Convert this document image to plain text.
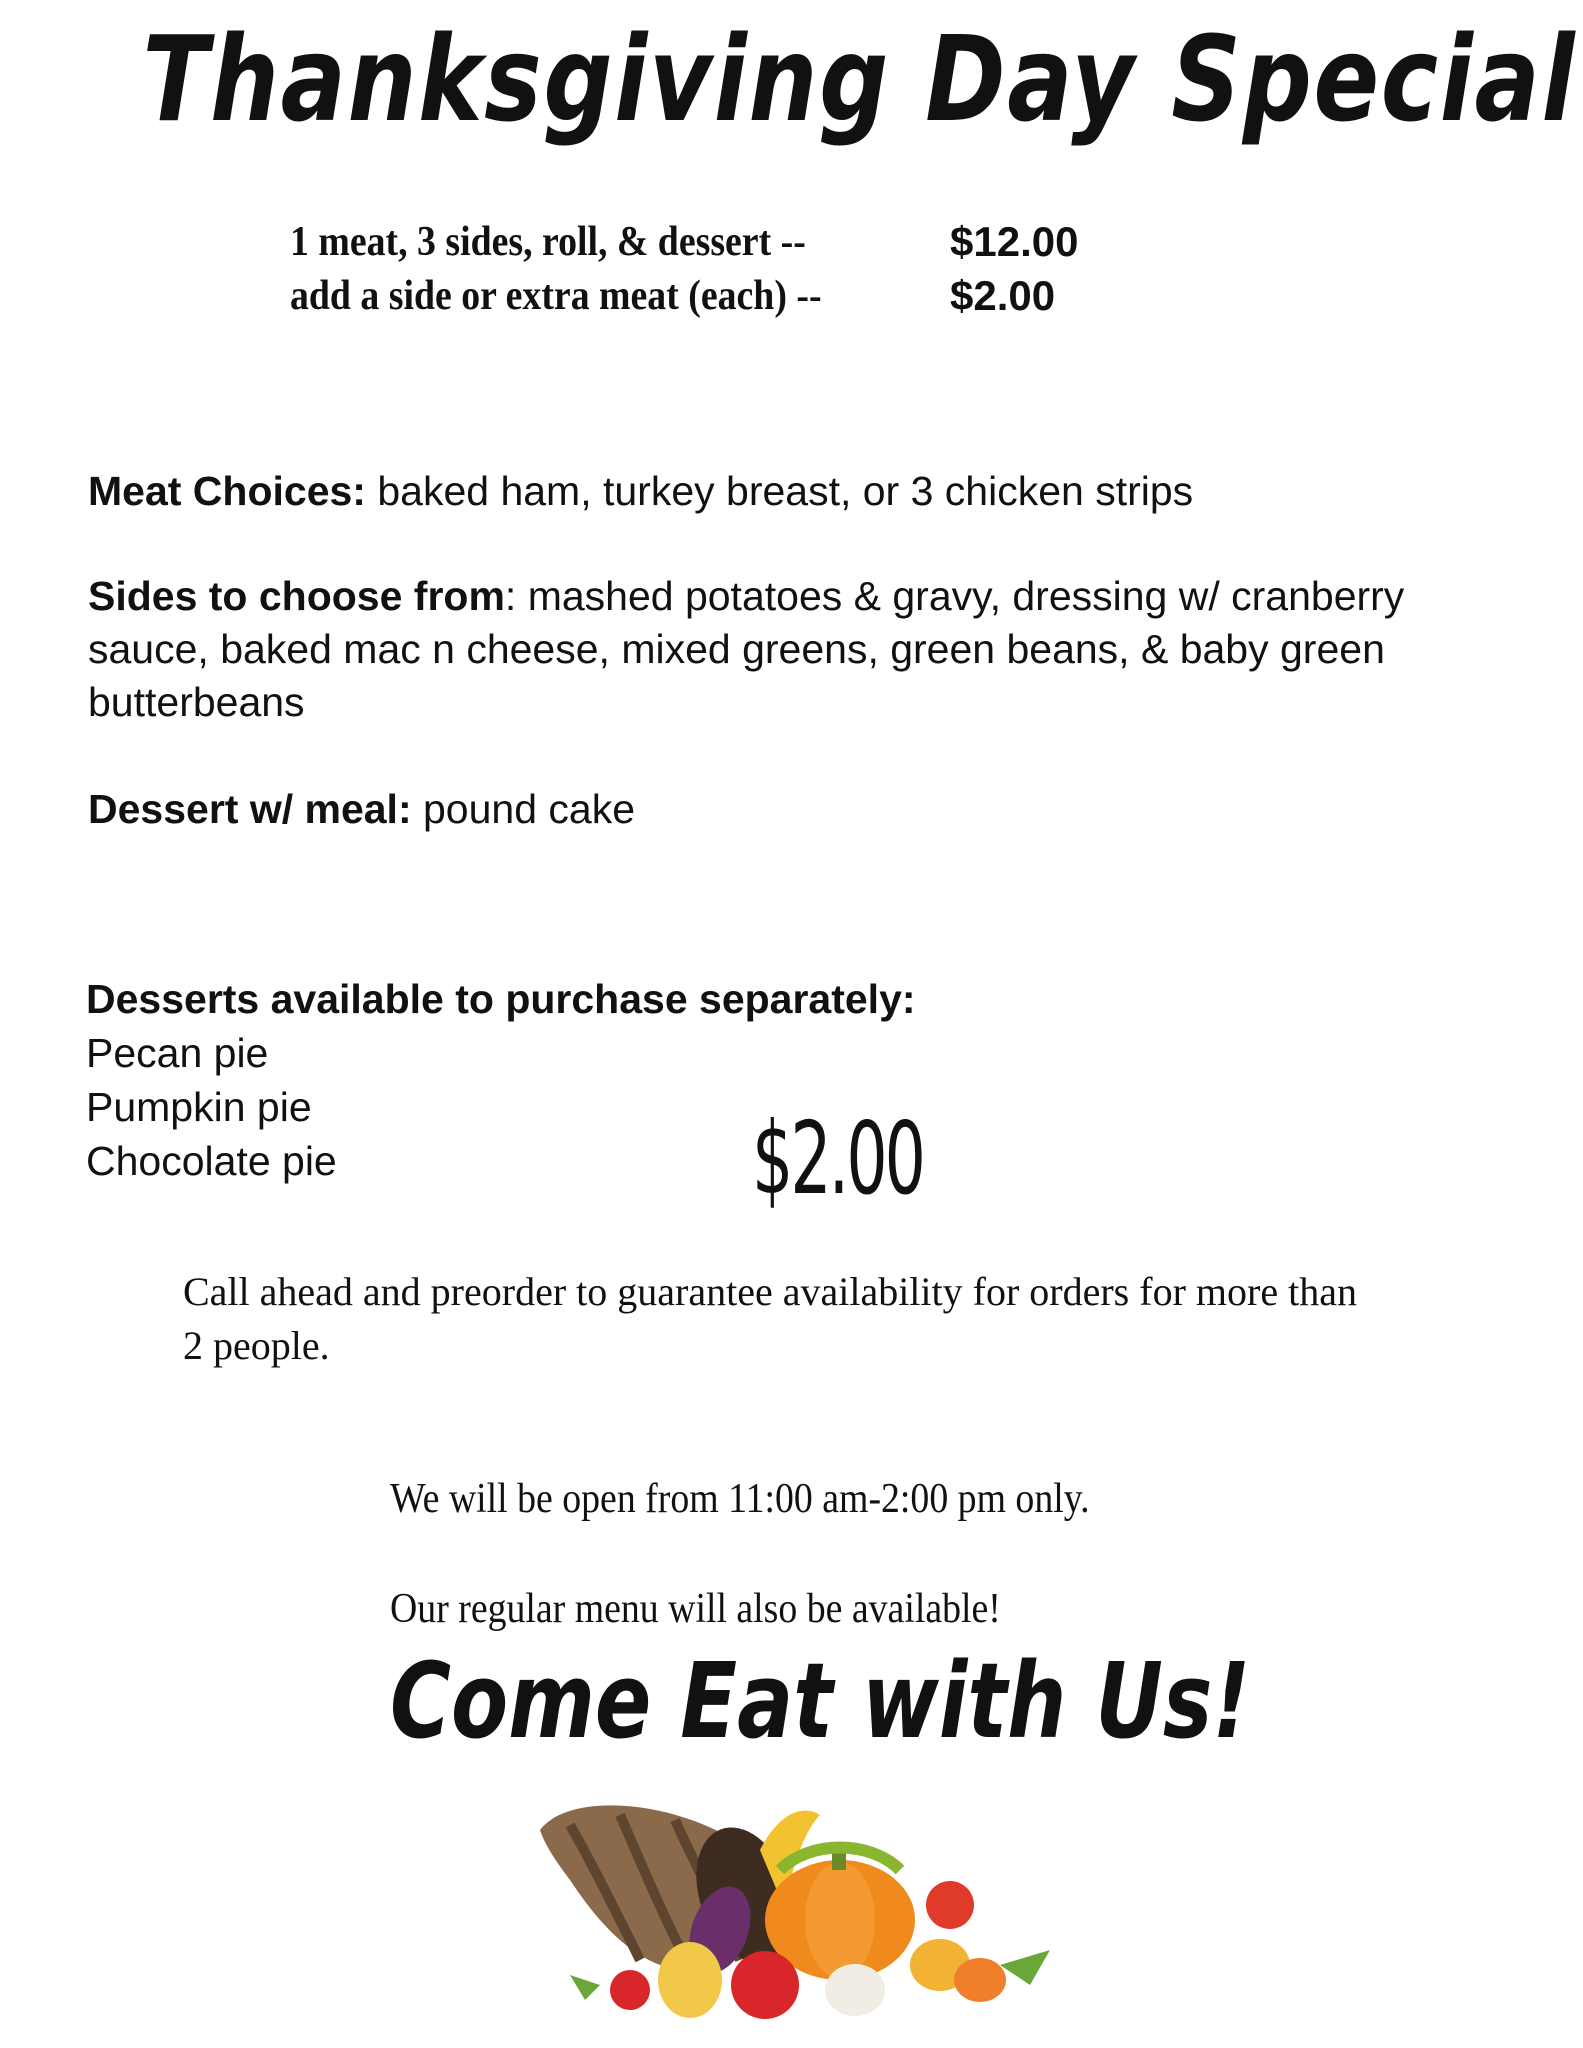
Thanksgiving Day Special
1 meat, 3 sides, roll, & dessert --	$12.00
add a side or extra meat (each) --	$2.00
Meat Choices: baked ham, turkey breast, or 3 chicken strips
Sides to choose from: mashed potatoes & gravy, dressing w/ cranberry sauce, baked mac n cheese, mixed greens, green beans, & baby green butterbeans
Dessert w/ meal: pound cake
Desserts available to purchase separately:
Pecan pie
Pumpkin pie
Chocolate pie	$2.00
Call ahead and preorder to guarantee availability for orders for more than 2 people.
We will be open from 11:00 am-2:00 pm only.
Our regular menu will also be available!
Come Eat with Us!
